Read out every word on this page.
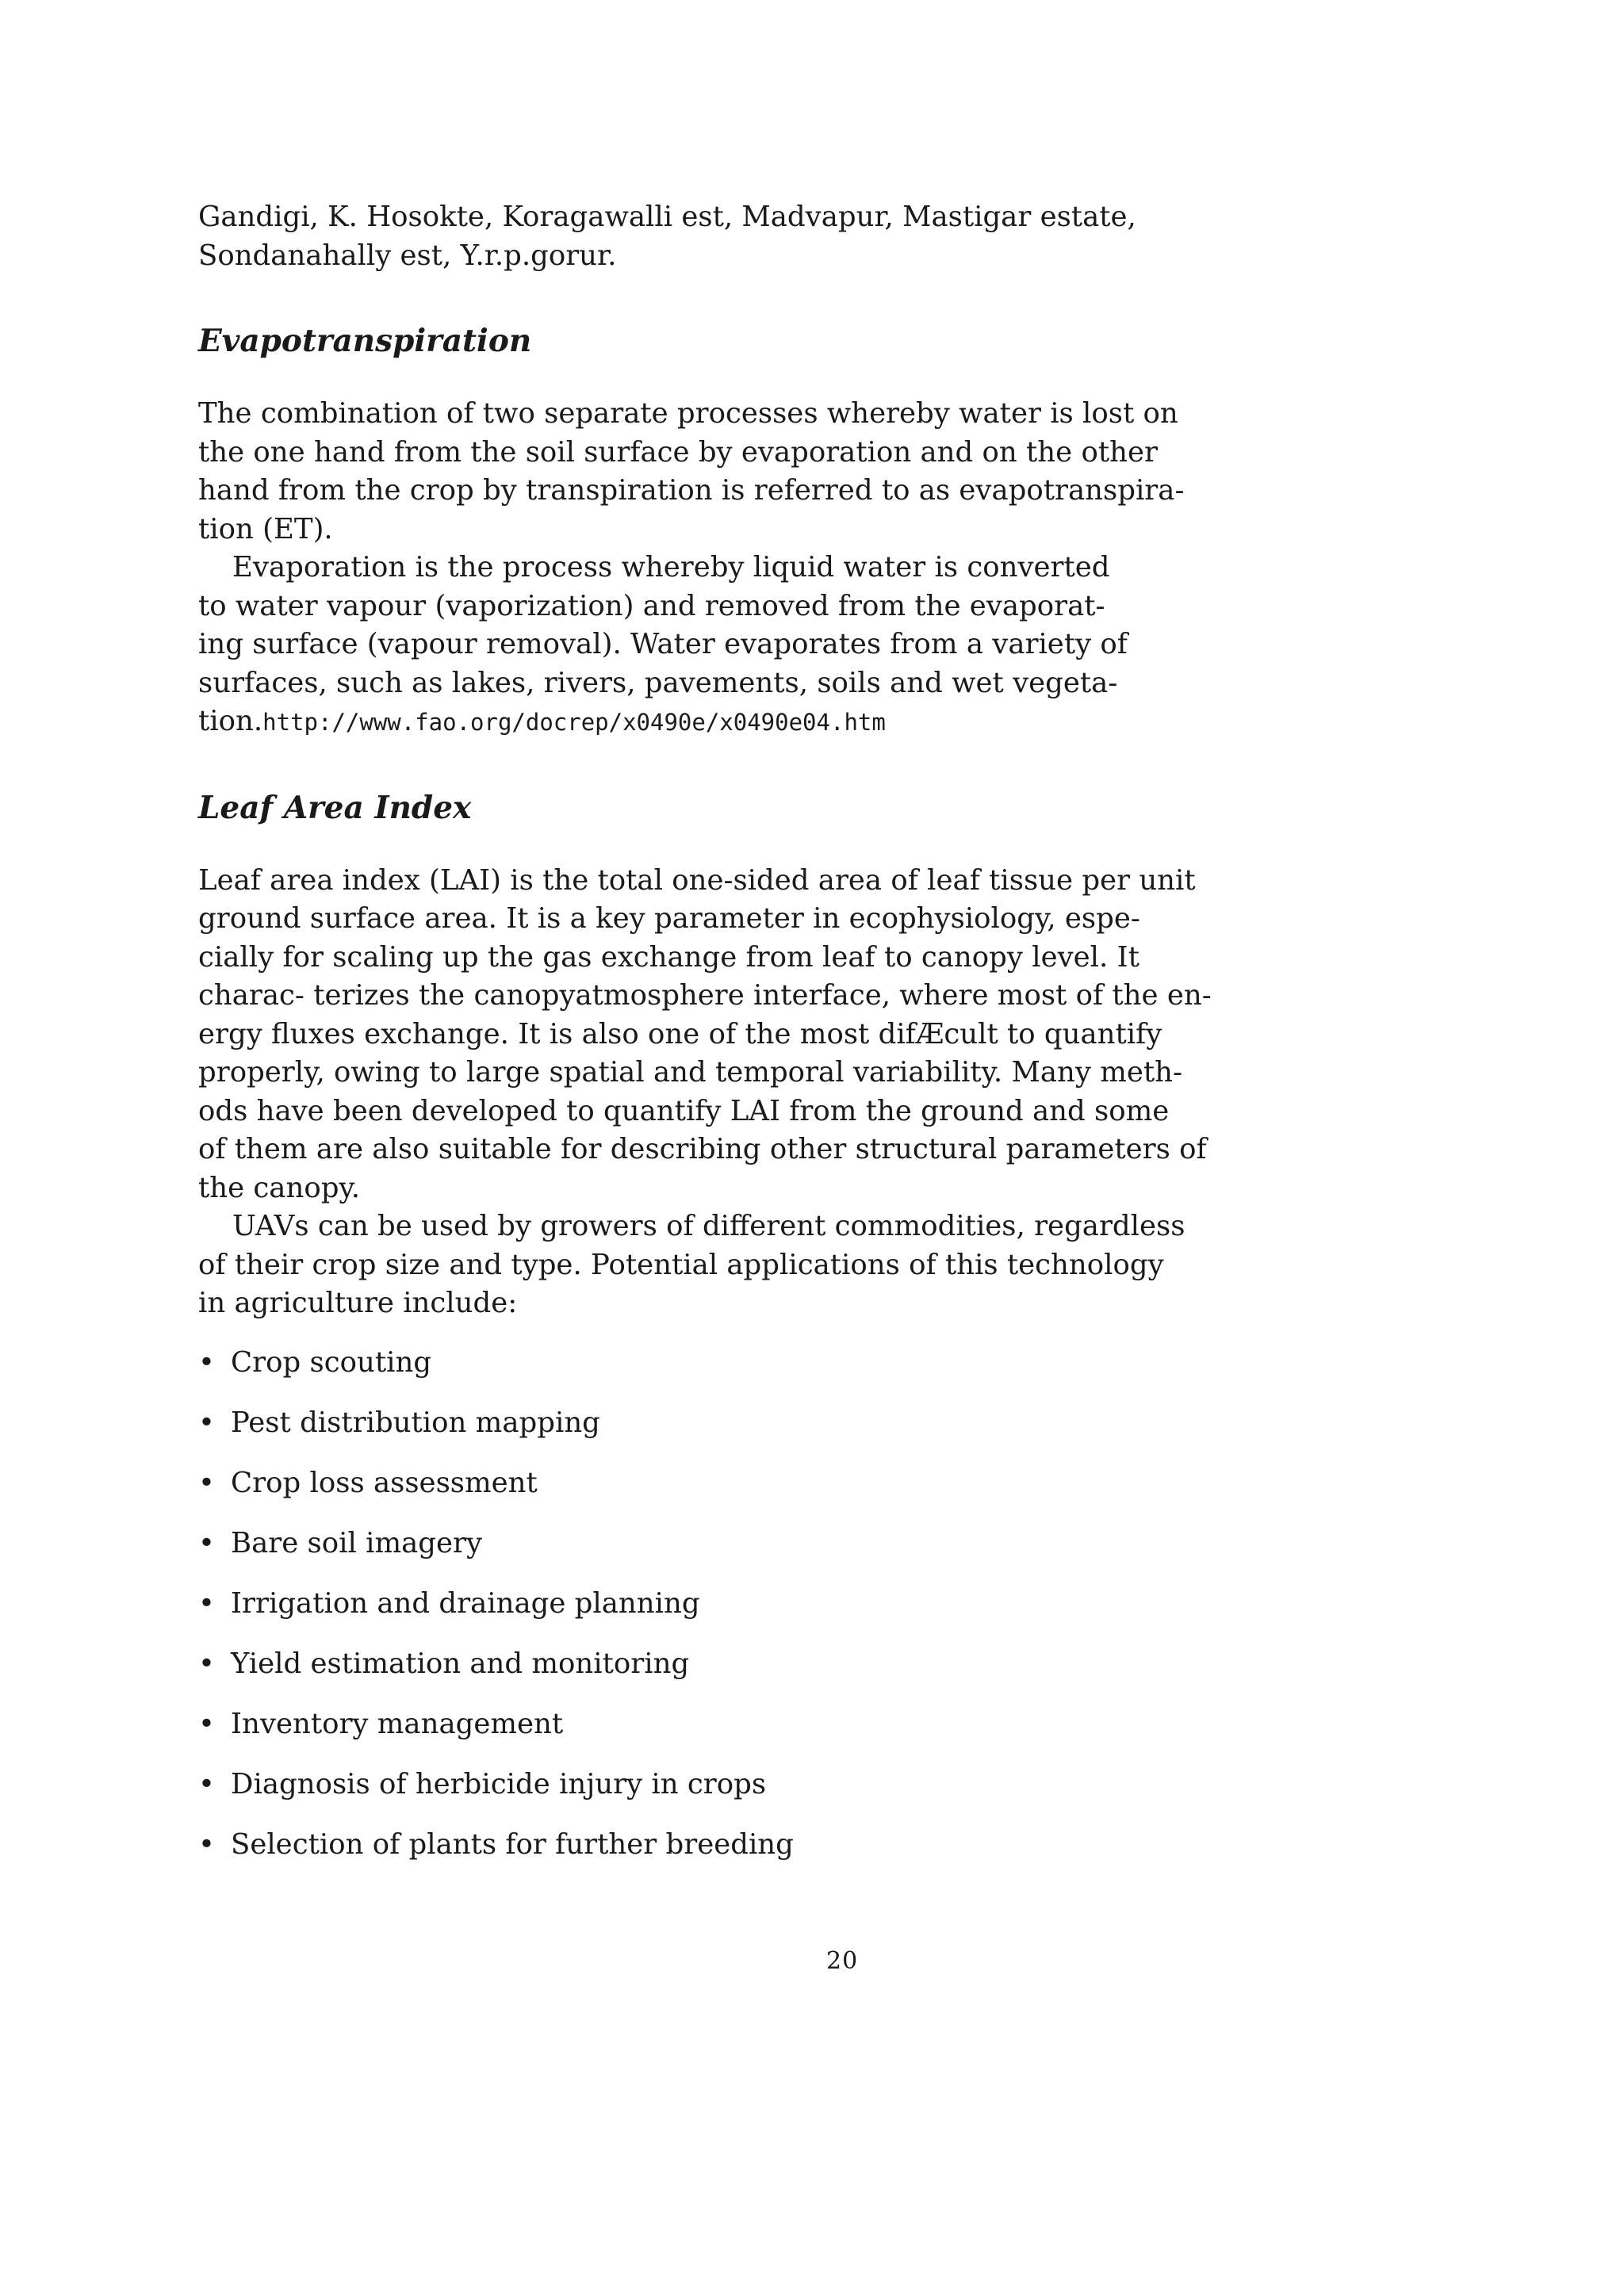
Gandigi, K. Hosokte, Koragawalli est, Madvapur, Mastigar estate,
Sondanahally est, Y.r.p.gorur.
Evapotranspiration
The combination of two separate processes whereby water is lost on
the one hand from the soil surface by evaporation and on the other
hand from the crop by transpiration is referred to as evapotranspira-
tion (ET).
Evaporation is the process whereby liquid water is converted
to water vapour (vaporization) and removed from the evaporat-
ing surface (vapour removal). Water evaporates from a variety of
surfaces, such as lakes, rivers, pavements, soils and wet vegeta-
tion.http://www.fao.org/docrep/x0490e/x0490e04.htm
Leaf Area Index
Leaf area index (LAI) is the total one-sided area of leaf tissue per unit
ground surface area. It is a key parameter in ecophysiology, espe-
cially for scaling up the gas exchange from leaf to canopy level. It
charac- terizes the canopyatmosphere interface, where most of the en-
ergy fluxes exchange. It is also one of the most difÆcult to quantify
properly, owing to large spatial and temporal variability. Many meth-
ods have been developed to quantify LAI from the ground and some
of them are also suitable for describing other structural parameters of
the canopy.
UAVs can be used by growers of different commodities, regardless
of their crop size and type. Potential applications of this technology
in agriculture include:
• Crop scouting
• Pest distribution mapping
• Crop loss assessment
• Bare soil imagery
• Irrigation and drainage planning
• Yield estimation and monitoring
• Inventory management
• Diagnosis of herbicide injury in crops
• Selection of plants for further breeding
20
